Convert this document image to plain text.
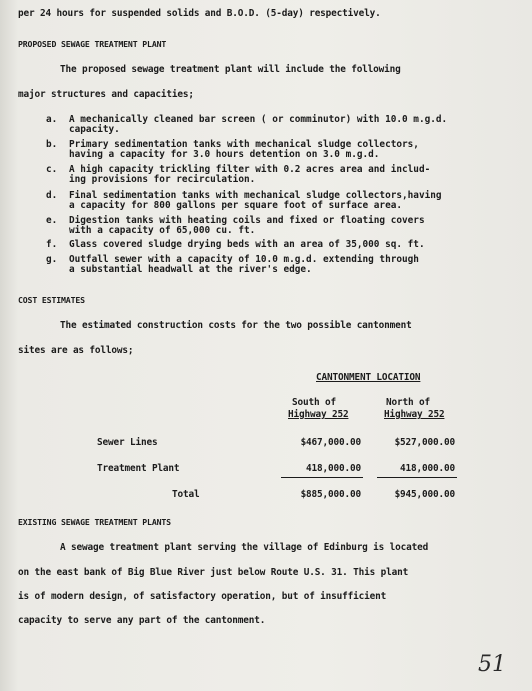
per 24 hours for suspended solids and B.O.D. (5-day) respectively.
PROPOSED SEWAGE TREATMENT PLANT
The proposed sewage treatment plant will include the following
major structures and capacities;
a. A mechanically cleaned bar screen ( or comminutor) with 10.0 m.g.d.
capacity.
b. Primary sedimentation tanks with mechanical sludge collectors,
having a capacity for 3.0 hours detention on 3.0 m.g.d.
c. A high capacity trickling filter with 0.2 acres area and includ-
ing provisions for recirculation.
d. Final sedimentation tanks with mechanical sludge collectors,having
a capacity for 800 gallons per square foot of surface area.
e. Digestion tanks with heating coils and fixed or floating covers
with a capacity of 65,000 cu. ft.
f. Glass covered sludge drying beds with an area of 35,000 sq. ft.
g. Outfall sewer with a capacity of 10.0 m.g.d. extending through
a substantial headwall at the river's edge.
COST ESTIMATES
The estimated construction costs for the two possible cantonment
sites are as follows;
CANTONMENT LOCATION
South of
Highway 252
North of
Highway 252
Sewer Lines	$467,000.00	$527,000.00
Treatment Plant	418,000.00	418,000.00
Total	$885,000.00	$945,000.00
EXISTING SEWAGE TREATMENT PLANTS
A sewage treatment plant serving the village of Edinburg is located
on the east bank of Big Blue River just below Route U.S. 31. This plant
is of modern design, of satisfactory operation, but of insufficient
capacity to serve any part of the cantonment.
51
